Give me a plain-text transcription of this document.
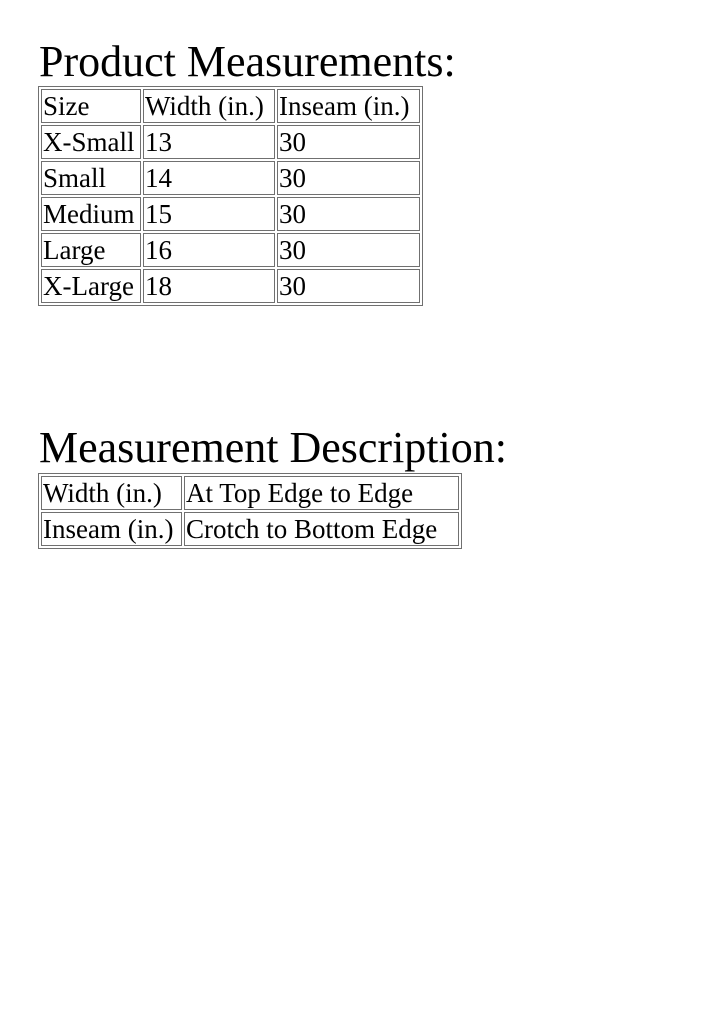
Product Measurements:
Size	Width (in.)	Inseam (in.)
X-Small	13	30
Small	14	30
Medium	15	30
Large	16	30
X-Large	18	30
Measurement Description:
Width (in.)	At Top Edge to Edge
Inseam (in.)	Crotch to Bottom Edge
